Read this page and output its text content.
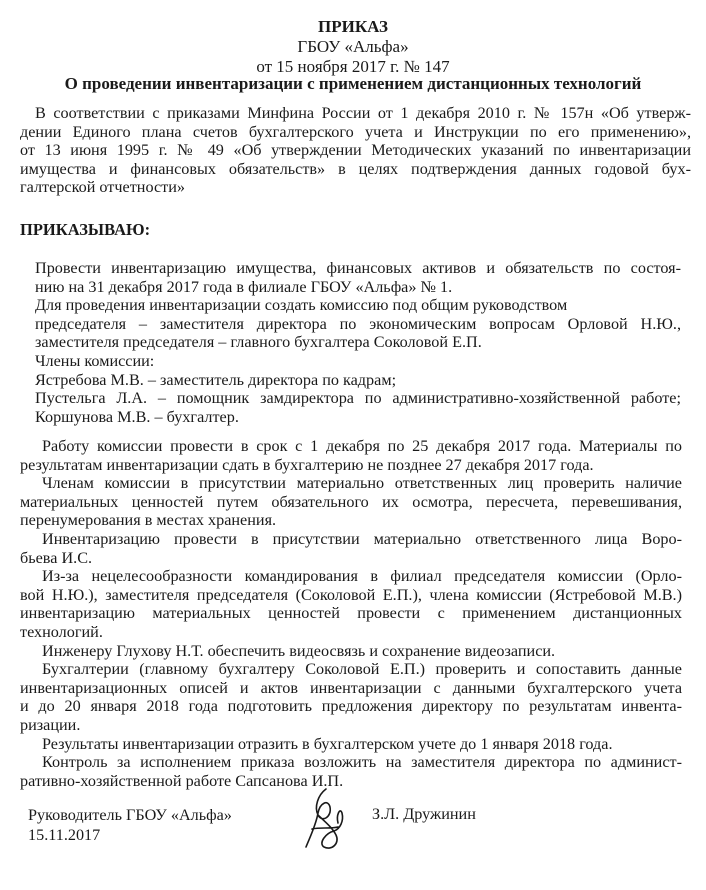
ПРИКАЗ
ГБОУ «Альфа»
от 15 ноября 2017 г. № 147
О проведении инвентаризации с применением дистанционных технологий
В соответствии с приказами Минфина России от 1 декабря 2010 г. № 157н «Об утверж-
дении Единого плана счетов бухгалтерского учета и Инструкции по его применению»,
от 13 июня 1995 г. № 49 «Об утверждении Методических указаний по инвентаризации
имущества и финансовых обязательств» в целях подтверждения данных годовой бух-
галтерской отчетности»
ПРИКАЗЫВАЮ:
Провести инвентаризацию имущества, финансовых активов и обязательств по состоя-
нию на 31 декабря 2017 года в филиале ГБОУ «Альфа» № 1.
Для проведения инвентаризации создать комиссию под общим руководством
председателя – заместителя директора по экономическим вопросам Орловой Н.Ю.,
заместителя председателя – главного бухгалтера Соколовой Е.П.
Члены комиссии:
Ястребова М.В. – заместитель директора по кадрам;
Пустельга Л.А. – помощник замдиректора по административно-хозяйственной работе;
Коршунова М.В. – бухгалтер.
Работу комиссии провести в срок с 1 декабря по 25 декабря 2017 года. Материалы по
результатам инвентаризации сдать в бухгалтерию не позднее 27 декабря 2017 года.
Членам комиссии в присутствии материально ответственных лиц проверить наличие
материальных ценностей путем обязательного их осмотра, пересчета, перевешивания,
перенумерования в местах хранения.
Инвентаризацию провести в присутствии материально ответственного лица Воро-
бьева И.С.
Из-за нецелесообразности командирования в филиал председателя комиссии (Орло-
вой Н.Ю.), заместителя председателя (Соколовой Е.П.), члена комиссии (Ястребовой М.В.)
инвентаризацию материальных ценностей провести с применением дистанционных
технологий.
Инженеру Глухову Н.Т. обеспечить видеосвязь и сохранение видеозаписи.
Бухгалтерии (главному бухгалтеру Соколовой Е.П.) проверить и сопоставить данные
инвентаризационных описей и актов инвентаризации с данными бухгалтерского учета
и до 20 января 2018 года подготовить предложения директору по результатам инвента-
ризации.
Результаты инвентаризации отразить в бухгалтерском учете до 1 января 2018 года.
Контроль за исполнением приказа возложить на заместителя директора по админист-
ративно-хозяйственной работе Сапсанова И.П.
Руководитель ГБОУ «Альфа»
15.11.2017
З.Л. Дружинин
